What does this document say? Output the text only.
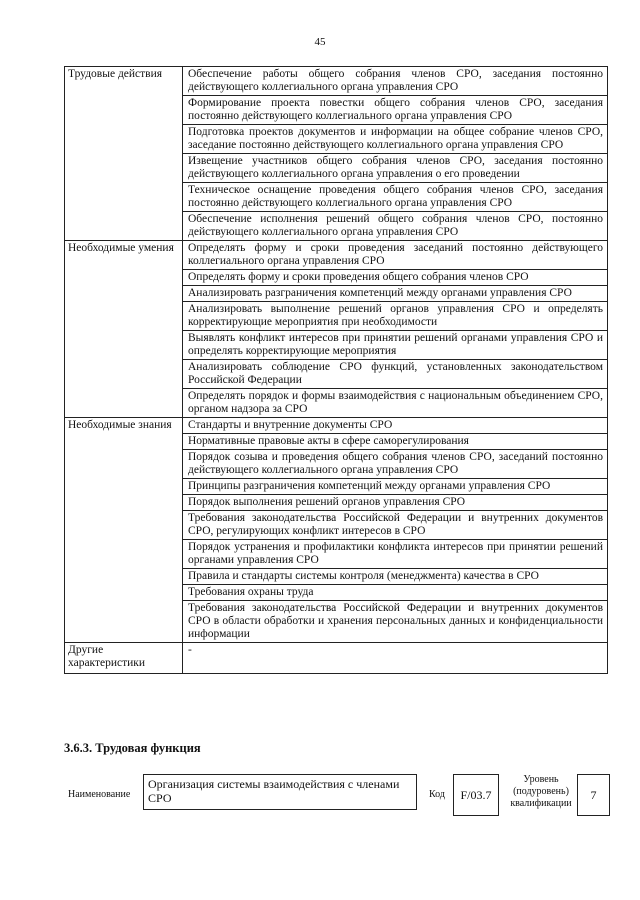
45
Трудовые действия	Обеспечение работы общего собрания членов СРО, заседания постоянно действующего коллегиального органа управления СРО
	Формирование проекта повестки общего собрания членов СРО, заседания постоянно действующего коллегиального органа управления СРО
	Подготовка проектов документов и информации на общее собрание членов СРО, заседание постоянно действующего коллегиального органа управления СРО
	Извещение участников общего собрания членов СРО, заседания постоянно действующего коллегиального органа управления о его проведении
	Техническое оснащение проведения общего собрания членов СРО, заседания постоянно действующего коллегиального органа управления СРО
	Обеспечение исполнения решений общего собрания членов СРО, постоянно действующего коллегиального органа управления СРО
Необходимые умения	Определять форму и сроки проведения заседаний постоянно действующего коллегиального органа управления СРО
	Определять форму и сроки проведения общего собрания членов СРО
	Анализировать разграничения компетенций между органами управления СРО
	Анализировать выполнение решений органов управления СРО и определять корректирующие мероприятия при необходимости
	Выявлять конфликт интересов при принятии решений органами управления СРО и определять корректирующие мероприятия
	Анализировать соблюдение СРО функций, установленных законодательством Российской Федерации
	Определять порядок и формы взаимодействия с национальным объединением СРО, органом надзора за СРО
Необходимые знания	Стандарты и внутренние документы СРО
	Нормативные правовые акты в сфере саморегулирования
	Порядок созыва и проведения общего собрания членов СРО, заседаний постоянно действующего коллегиального органа управления СРО
	Принципы разграничения компетенций между органами управления СРО
	Порядок выполнения решений органов управления СРО
	Требования законодательства Российской Федерации и внутренних документов СРО, регулирующих конфликт интересов в СРО
	Порядок устранения и профилактики конфликта интересов при принятии решений органами управления СРО
	Правила и стандарты системы контроля (менеджмента) качества в СРО
	Требования охраны труда
	Требования законодательства Российской Федерации и внутренних документов СРО в области обработки и хранения персональных данных и конфиденциальности информации
Другие характеристики	-
3.6.3. Трудовая функция
Наименование
Организация системы взаимодействия с членами СРО	Код	F/03.7
Уровень (подуровень) квалификации
7
